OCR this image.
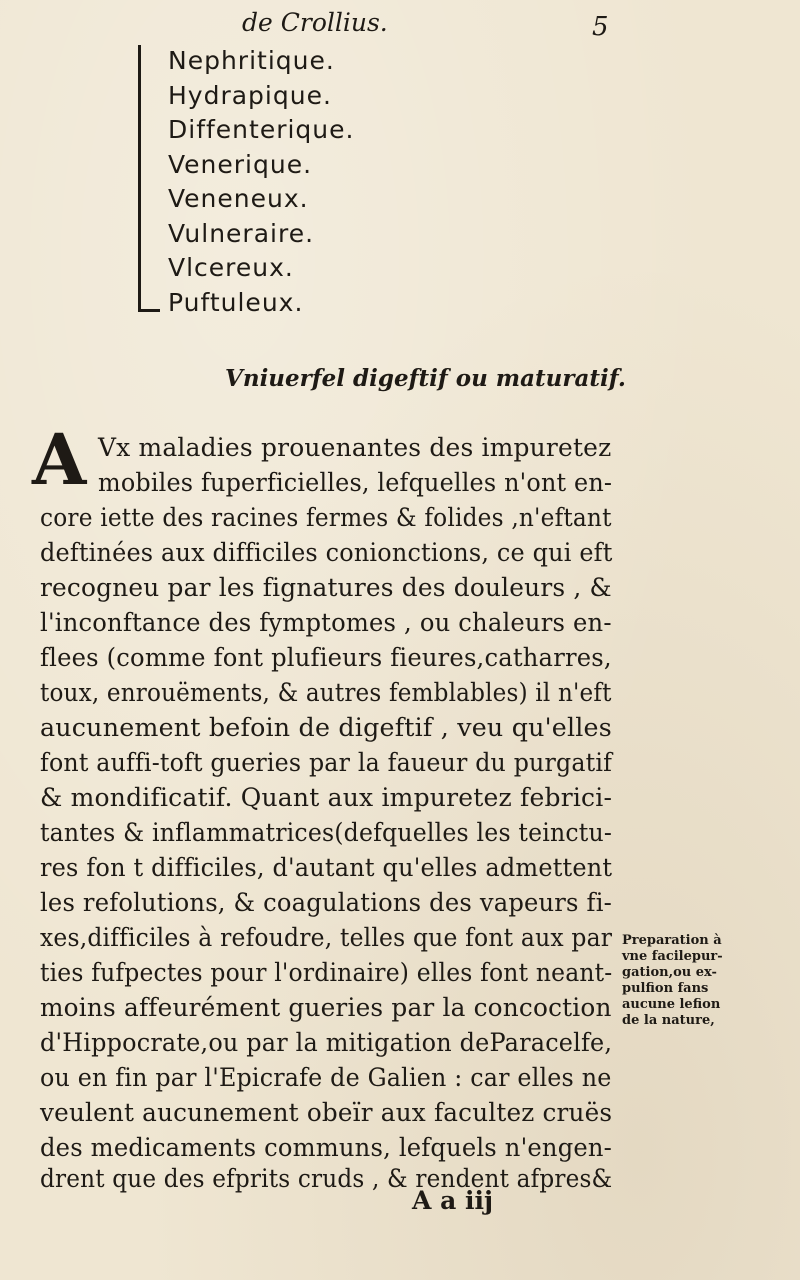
de Crollius.	5
Nephritique.
Hydrapique.
Diffenterique.
Venerique.
Veneneux.
Vulneraire.
Vlcereux.
Puftuleux.
Vniuerfel digeftif ou maturatif.
A Vx maladies prouenantes des impuretez
mobiles fuperficielles, lefquelles n'ont en-
core iette des racines fermes & folides ,n'eftant
deftinées aux difficiles conionctions, ce qui eft
recogneu par les fignatures des douleurs , &
l'inconftance des fymptomes , ou chaleurs en-
flees (comme font plufieurs fieures,catharres,
toux, enrouëments, & autres femblables) il n'eft
aucunement befoin de digeftif , veu qu'elles
font auffi-toft gueries par la faueur du purgatif
& mondificatif. Quant aux impuretez febrici-
tantes & inflammatrices(defquelles les teinctu-
res fon t difficiles, d'autant qu'elles admettent
les refolutions, & coagulations des vapeurs fi-
xes,difficiles à refoudre, telles que font aux par
ties fufpectes pour l'ordinaire) elles font neant-
moins affeurément gueries par la concoction
d'Hippocrate,ou par la mitigation deParacelfe,
ou en fin par l'Epicrafe de Galien : car elles ne
veulent aucunement obeïr aux facultez cruës
des medicaments communs, lefquels n'engen-
drent que des efprits cruds , & rendent afpres&
Preparation à
vne facilepur-
gation,ou ex-
pulfion fans
aucune lefion
de la nature,
A a iij
